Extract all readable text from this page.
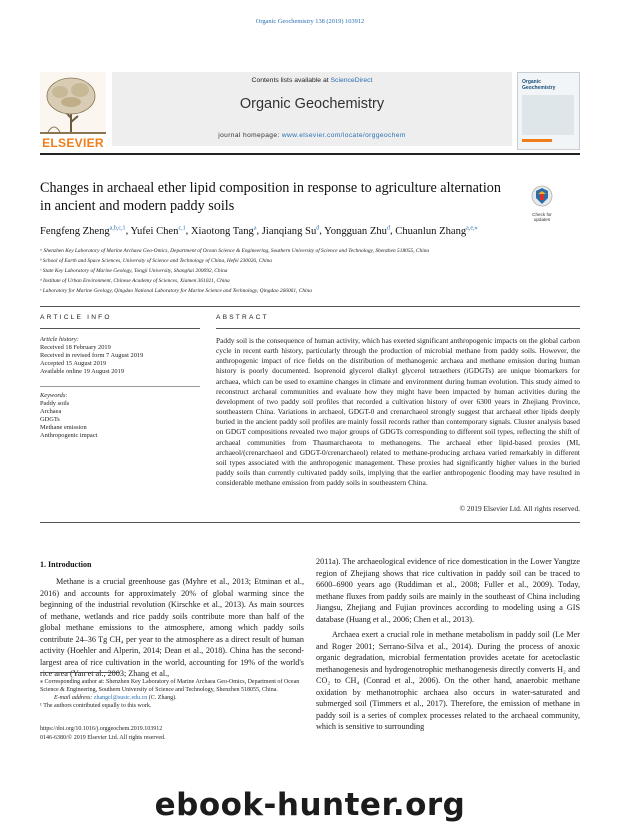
Organic Geochemistry 138 (2019) 103912
ELSEVIER
Contents lists available at ScienceDirect
Organic Geochemistry
journal homepage: www.elsevier.com/locate/orggeochem
Organic Geochemistry
Changes in archaeal ether lipid composition in response to agriculture alternation in ancient and modern paddy soils
Check for
updates
Fengfeng Zheng$^{a,b,c,1}$, Yufei Chen$^{c,1}$, Xiaotong Tang$^a$, Jianqiang Su$^d$, Yongguan Zhu$^d$, Chuanlun Zhang$^{a,e,⁎}$
ᵃ Shenzhen Key Laboratory of Marine Archaea Geo-Omics, Department of Ocean Science & Engineering, Southern University of Science and Technology, Shenzhen 518055, China
ᵇ School of Earth and Space Sciences, University of Science and Technology of China, Hefei 230026, China
ᶜ State Key Laboratory of Marine Geology, Tongji University, Shanghai 200092, China
ᵈ Institute of Urban Environment, Chinese Academy of Sciences, Xiamen 361021, China
ᵉ Laboratory for Marine Geology, Qingdao National Laboratory for Marine Science and Technology, Qingdao 266061, China
ARTICLE INFO	ABSTRACT
Article history:
Received 18 February 2019
Received in revised form 7 August 2019
Accepted 15 August 2019
Available online 19 August 2019
Keywords:
Paddy soils
Archaea
GDGTs
Methane emission
Anthropogenic impact
Paddy soil is the consequence of human activity, which has exerted significant anthropogenic impacts on the global carbon cycle in recent earth history, particularly through the production of microbial methane from paddy soils. However, the anthropogenic impact of rice fields on the distribution of methanogenic archaea and methane emission during human history is poorly documented. Isoprenoid glycerol dialkyl glycerol tetraethers (iGDGTs) are unique biomarkers for archaea, which can be used to examine changes in climate and environment during human evolution. This study aimed to reconstruct archaeal communities and evaluate how they might have been impacted by human activities during the development of two paddy soil profiles that recorded a cultivation history of over 6300 years in Zhejiang Province, southeastern China. Variations in archaeol, GDGT-0 and crenarchaeol strongly suggest that archaeal ether lipids deeply buried in the ancient paddy soil profiles are mainly fossil records rather than contemporary signals. Cluster analysis based on GDGT compositions revealed two major groups of GDGTs corresponding to different soil types, reflecting the shift of archaeal communities from Thaumarchaeota to methanogens. The archaeal ether lipid-based proxies (MI, archaeol/(crenarchaeol and GDGT-0/crenarchaeol) related to methane-producing archaea varied remarkably in different soil types associated with the anthropogenic management. These proxies had significantly higher values in the buried paddy soils than currently cultivated paddy soils, implying that the earlier anthropogenic flooding may have resulted in considerable methane emission from paddy soils in southeastern China.
© 2019 Elsevier Ltd. All rights reserved.
1. Introduction

Methane is a crucial greenhouse gas (Myhre et al., 2013; Etminan et al., 2016) and accounts for approximately 20% of global warming since the beginning of the industrial revolution (Kirschke et al., 2013). As main sources of methane, wetlands and rice paddy soils contribute more than half of the global methane emissions to the atmosphere, among which paddy soils contribute 24–36 Tg CH₄ per year to the atmosphere as a direct result of human activity (Hoehler and Alperin, 2014; Dean et al., 2018). China has the second-largest area of rice cultivation in the world, accounting for 19% of the world's rice area (Yan et al., 2003; Zhang et al.,

2011a). The archaeological evidence of rice domestication in the Lower Yangtze region of Zhejiang shows that rice cultivation in paddy soil can be traced to 6600–6900 years ago (Ruddiman et al., 2008; Fuller et al., 2009). Today, methane fluxes from paddy soils are mainly in the southeast of China including Jiangsu, Zhejiang and Fujian provinces according to modeling using a GIS database (Huang et al., 2006; Chen et al., 2013).

Archaea exert a crucial role in methane metabolism in paddy soil (Le Mer and Roger 2001; Serrano-Silva et al., 2014). During the process of anoxic organic degradation, microbial fermentation provides acetate for acetoclastic methanogenesis and hydrogenotrophic methanogenesis directly converts H₂ and CO₂ to CH₄ (Conrad et al., 2006). On the other hand, anaerobic methane oxidation by methanotrophic archaea also occurs in water-saturated and submerged soil (Timmers et al., 2017). Therefore, the emission of methane in paddy soil is a series of complex processes related to the archaeal community, which is sensitive to surrounding

⁎ Corresponding author at: Shenzhen Key Laboratory of Marine Archaea Geo-Omics, Department of Ocean Science & Engineering, Southern University of Science and Technology, Shenzhen 518055, China.
E-mail address: zhangcl@sustc.edu.cn (C. Zhang).
¹ The authors contributed equally to this work.
https://doi.org/10.1016/j.orggeochem.2019.103912
0146-6380/© 2019 Elsevier Ltd. All rights reserved.
ebook-hunter.org
